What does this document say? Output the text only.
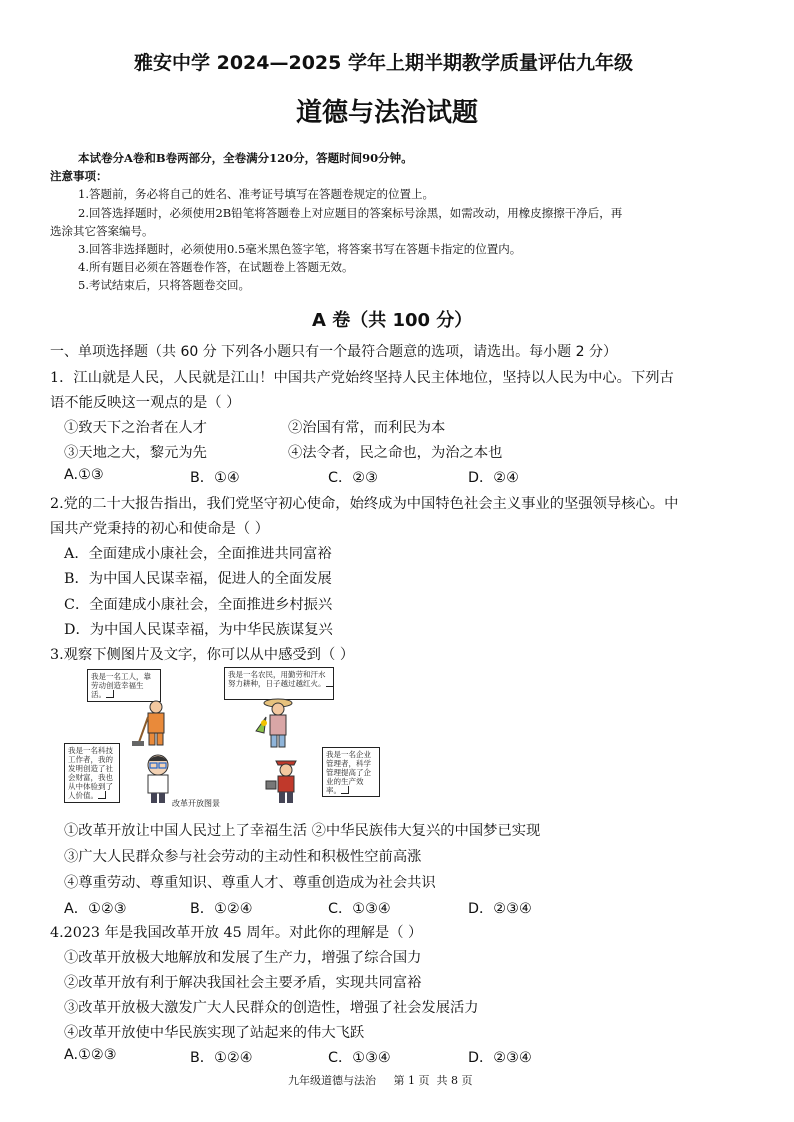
雅安中学 2024—2025 学年上期半期教学质量评估九年级
道德与法治试题
本试卷分A卷和B卷两部分，全卷满分120分，答题时间90分钟。
注意事项：
1.答题前，务必将自己的姓名、准考证号填写在答题卷规定的位置上。
2.回答选择题时，必须使用2B铅笔将答题卷上对应题目的答案标号涂黑，如需改动，用橡皮擦擦干净后，再
选涂其它答案编号。
3.回答非选择题时，必须使用0.5毫米黑色签字笔，将答案书写在答题卡指定的位置内。
4.所有题目必须在答题卷作答，在试题卷上答题无效。
5.考试结束后，只将答题卷交回。
A 卷（共 100 分）
一、单项选择题（共 60 分 下列各小题只有一个最符合题意的选项，请选出。每小题 2 分）
1．江山就是人民，人民就是江山！中国共产党始终坚持人民主体地位，坚持以人民为中心。下列古
语不能反映这一观点的是（ ）
①致天下之治者在人才	②治国有常，而利民为本
③天地之大，黎元为先	④法令者，民之命也，为治之本也
A.①③	B．①④	C．②③	D．②④
2.党的二十大报告指出，我们党坚守初心使命，始终成为中国特色社会主义事业的坚强领导核心。中
国共产党秉持的初心和使命是（ ）
A．全面建成小康社会，全面推进共同富裕
B．为中国人民谋幸福，促进人的全面发展
C．全面建成小康社会，全面推进乡村振兴
D．为中国人民谋幸福，为中华民族谋复兴
3.观察下侧图片及文字，你可以从中感受到（ ）
我是一名工人，靠劳动创造幸福生活。
我是一名农民，用勤劳和汗水努力耕种，日子越过越红火。
我是一名科技工作者，我的发明创造了社会财富，我也从中体验到了人价值。
我是一名企业管理者，科学管理提高了企业的生产效率。
改革开放图景
①改革开放让中国人民过上了幸福生活 ②中华民族伟大复兴的中国梦已实现
③广大人民群众参与社会劳动的主动性和积极性空前高涨
④尊重劳动、尊重知识、尊重人才、尊重创造成为社会共识
A．①②③	B．①②④	C．①③④	D．②③④
4.2023 年是我国改革开放 45 周年。对此你的理解是（ ）
①改革开放极大地解放和发展了生产力，增强了综合国力
②改革开放有利于解决我国社会主要矛盾，实现共同富裕
③改革开放极大激发广大人民群众的创造性，增强了社会发展活力
④改革开放使中华民族实现了站起来的伟大飞跃
A.①②③	B．①②④	C．①③④	D．②③④
九年级道德与法治     第 1 页  共 8 页
